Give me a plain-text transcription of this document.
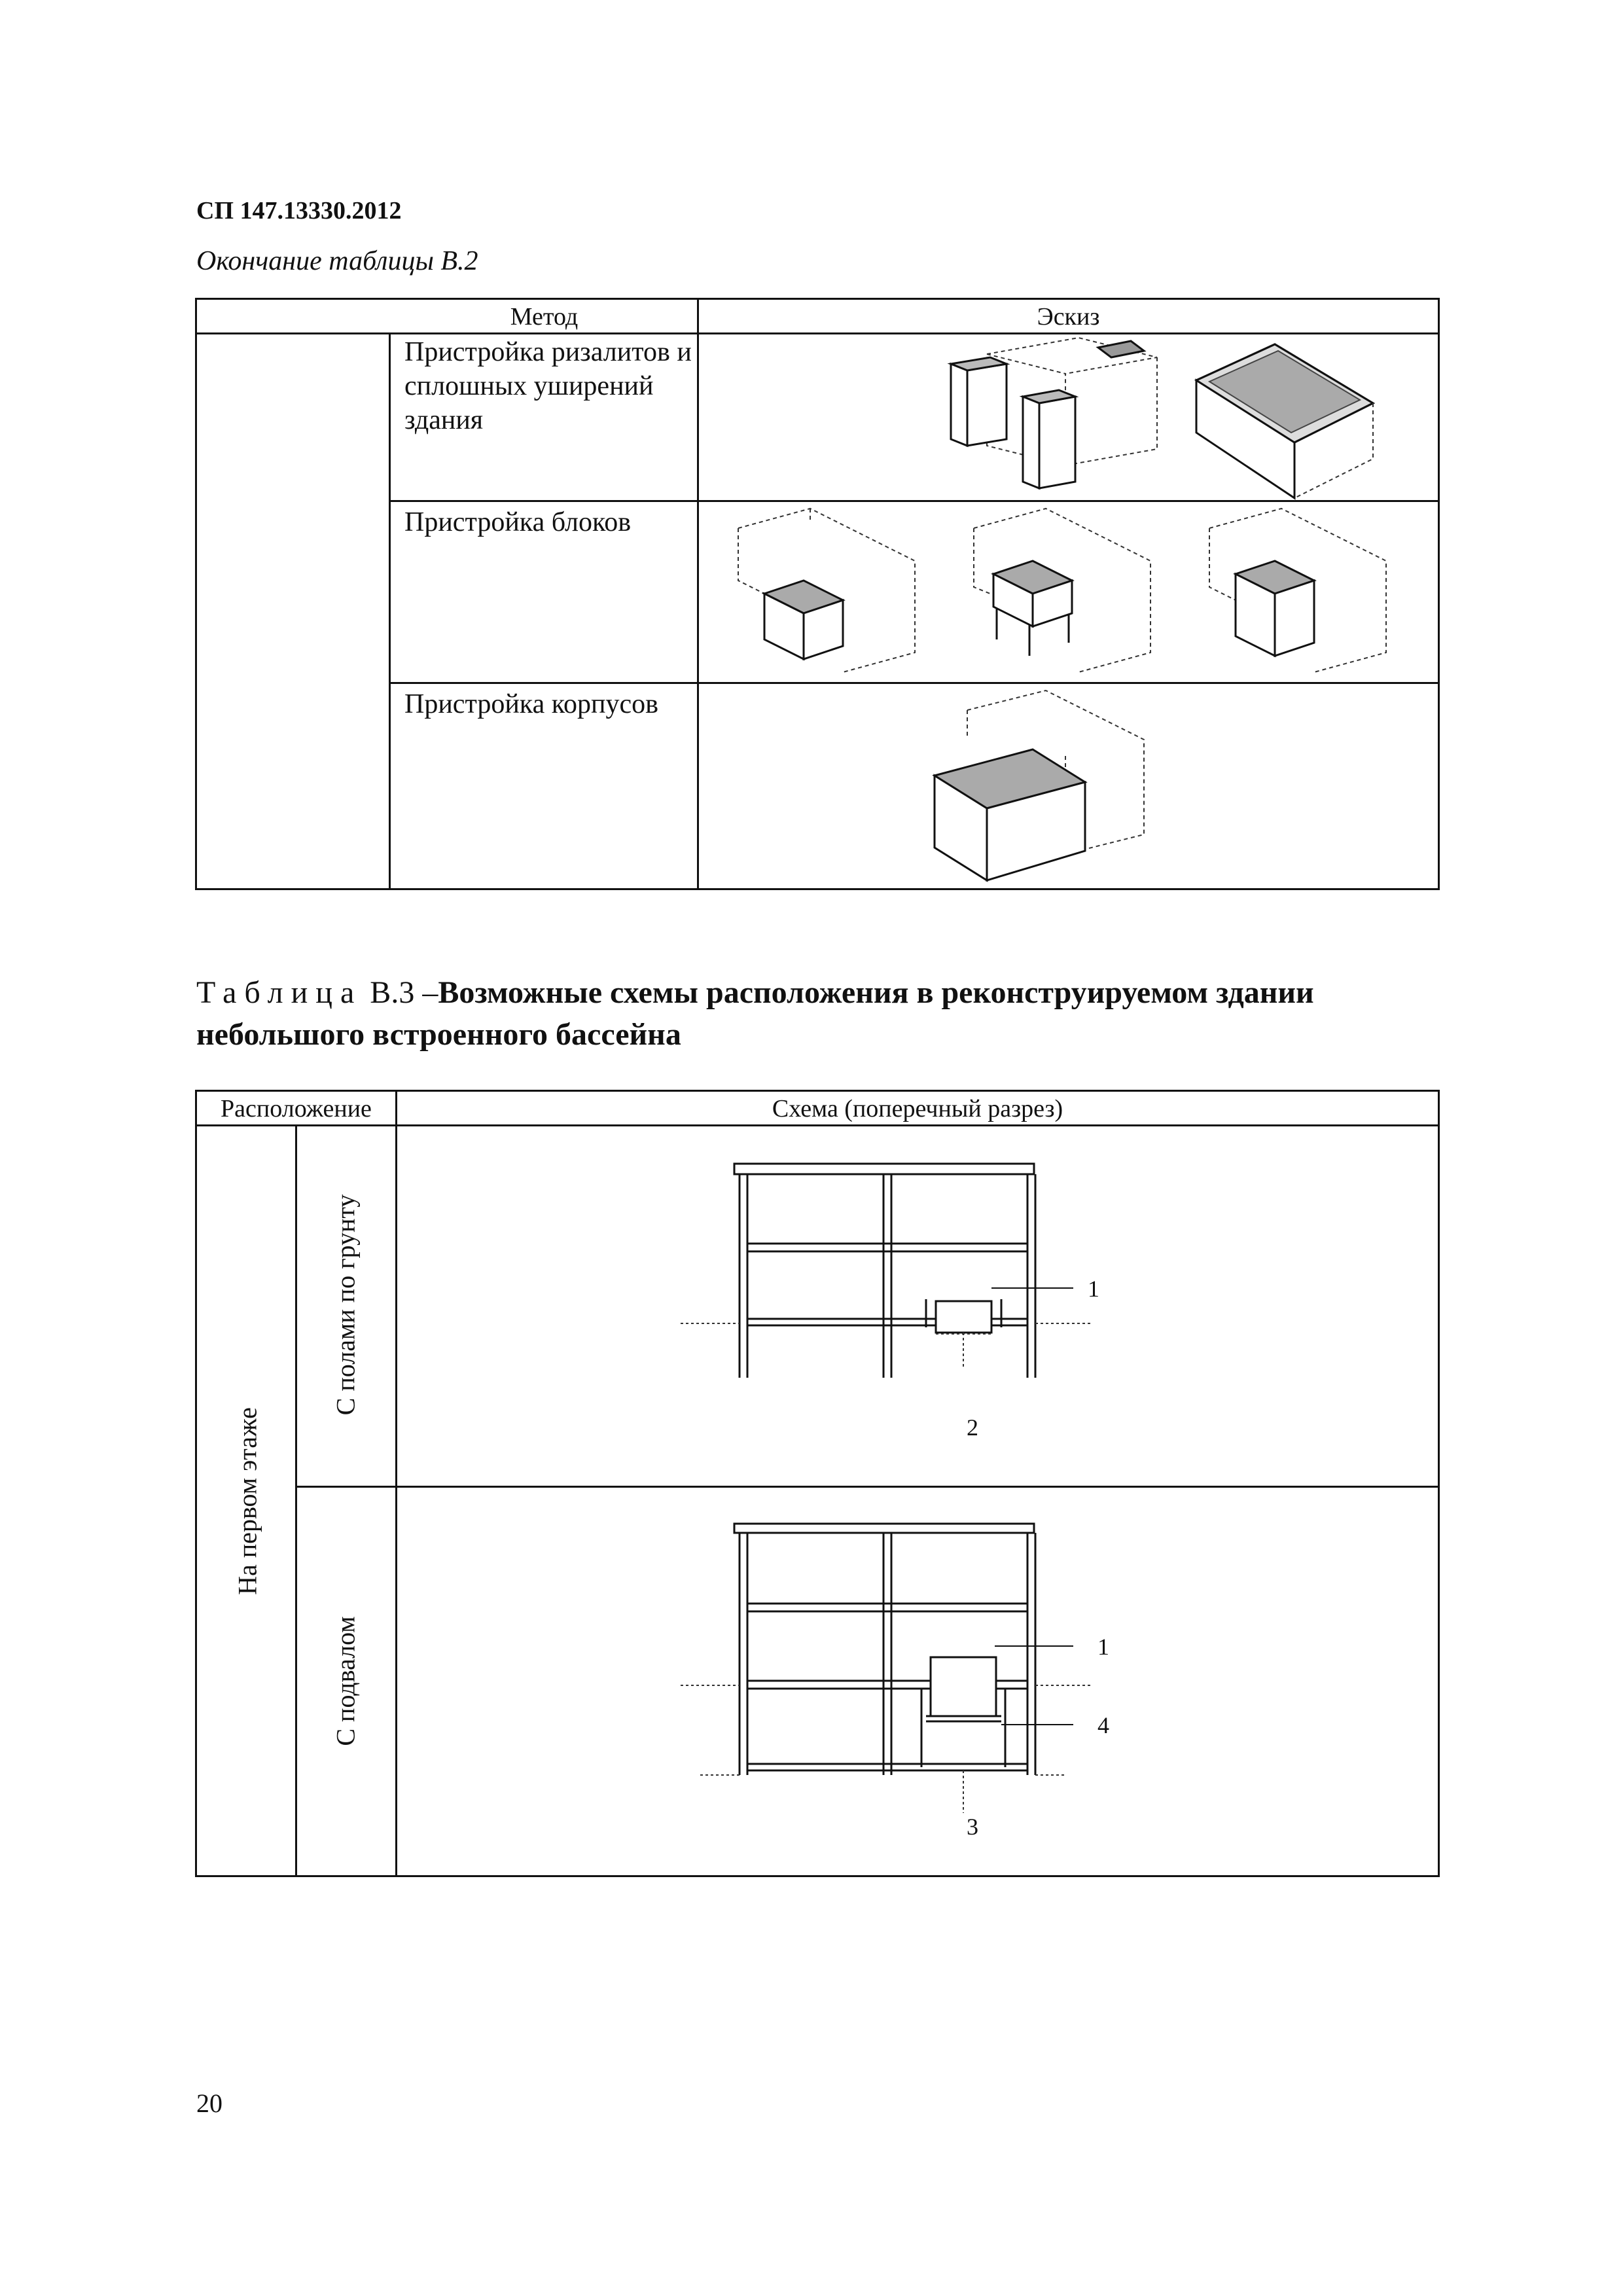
СП 147.13330.2012
Окончание таблицы В.2
Метод	Эскиз
Пристройка ризалитов и сплошных уширений здания
Пристройка блоков
Пристройка корпусов
Таблица В.3 –Возможные схемы расположения в реконструируемом здании небольшого встроенного бассейна
Расположение	Схема (поперечный разрез)
На первом этаже
С полами по грунту
С подвалом
1
2
1
4
3
20
